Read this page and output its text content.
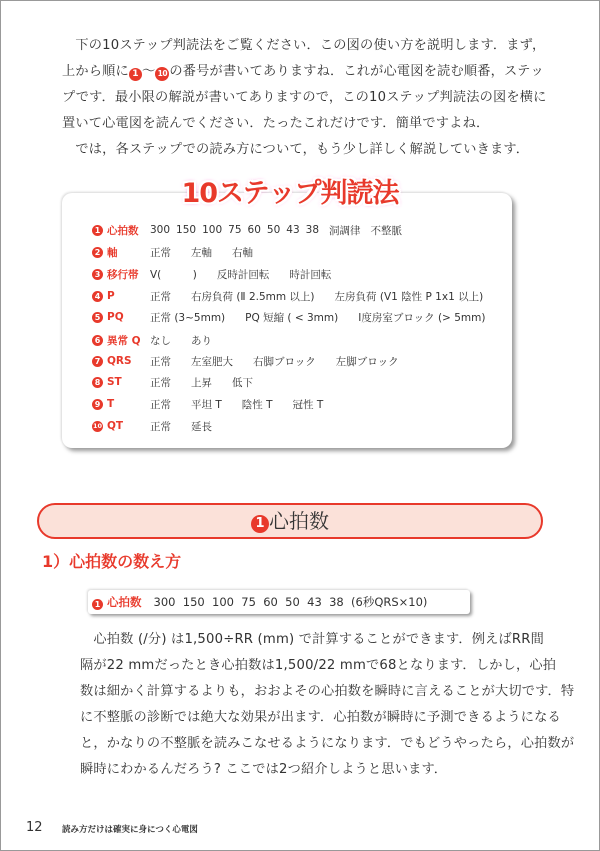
　下の10ステップ判読法をご覧ください．この図の使い方を説明します．まず，

上から順に 1 〜 10 の番号が書いてありますね．これが心電図を読む順番，ステッ

プです．最小限の解説が書いてありますので，この10ステップ判読法の図を横に

置いて心電図を読んでください．たったこれだけです．簡単ですよね．

　では，各ステップでの読み方について，もう少し詳しく解説していきます．

10ステップ判読法
1 心拍数 300 150 100 75 60 50 43 38 洞調律 不整脈
2 軸	正常 左軸 右軸
3 移行帯 V(　　　) 反時計回転 時計回転
4 P	正常 右房負荷 (Ⅱ 2.5mm 以上) 左房負荷 (V1 陰性 P 1x1 以上)
5 PQ	正常 (3~5mm) PQ 短縮 ( < 3mm) Ⅰ度房室ブロック (> 5mm)
6 異常 Q なし あり
7 QRS 正常 左室肥大 右脚ブロック 左脚ブロック
8 ST	正常 上昇 低下
9 T	正常 平坦 T 陰性 T 冠性 T
10 QT	正常 延長
1 心拍数
1）心拍数の数え方
1 心拍数 300  150  100  75  60  50  43  38  (6秒QRS×10)

　心拍数 (/分) は1,500÷RR (mm) で計算することができます．例えばRR間

隔が22 mmだったとき心拍数は1,500/22 mmで68となります．しかし，心拍

数は細かく計算するよりも，おおよその心拍数を瞬時に言えることが大切です．特

に不整脈の診断では絶大な効果が出ます．心拍数が瞬時に予測できるようになる

と，かなりの不整脈を読みこなせるようになります．でもどうやったら，心拍数が

瞬時にわかるんだろう? ここでは2つ紹介しようと思います．

12 読み方だけは確実に身につく心電図
